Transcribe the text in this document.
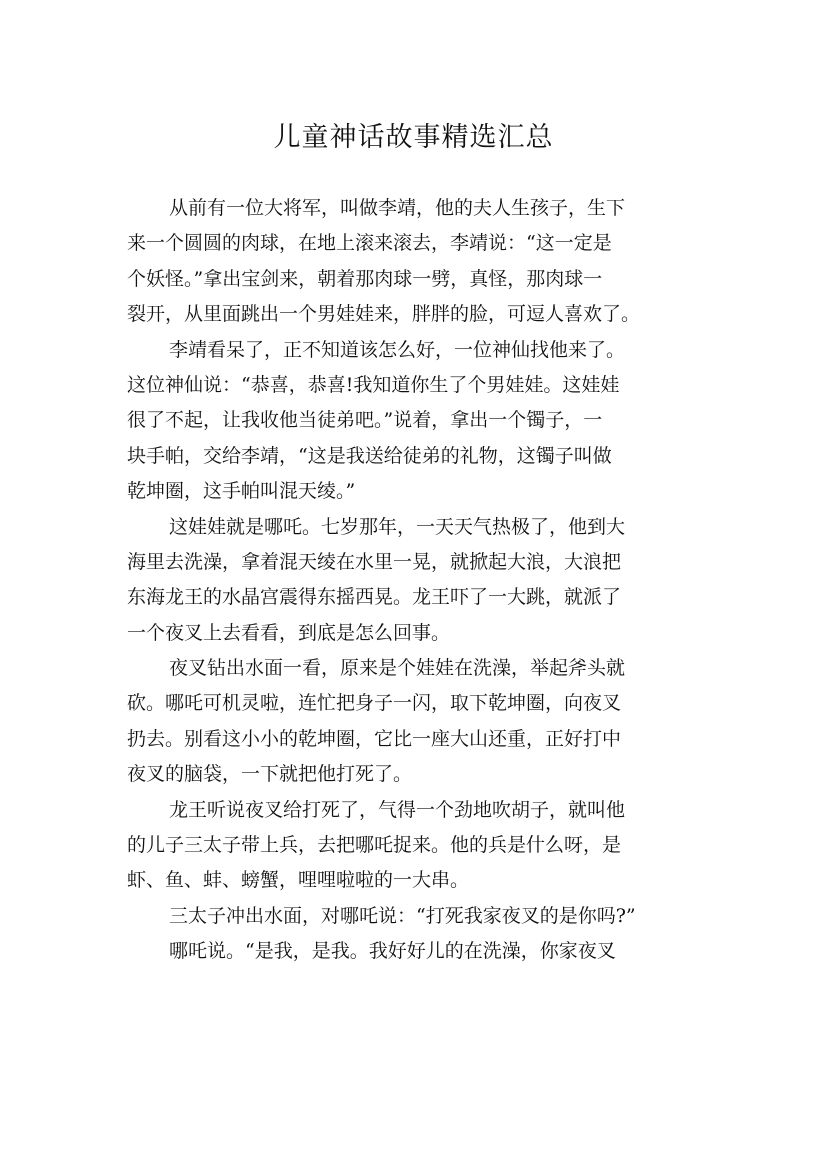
儿童神话故事精选汇总

从前有一位大将军，叫做李靖，他的夫人生孩子，生下
来一个圆圆的肉球，在地上滚来滚去，李靖说：“这一定是
个妖怪。”拿出宝剑来，朝着那肉球一劈，真怪，那肉球一
裂开，从里面跳出一个男娃娃来，胖胖的脸，可逗人喜欢了。

李靖看呆了，正不知道该怎么好，一位神仙找他来了。
这位神仙说：“恭喜，恭喜!我知道你生了个男娃娃。这娃娃
很了不起，让我收他当徒弟吧。”说着，拿出一个镯子，一
块手帕，交给李靖，“这是我送给徒弟的礼物，这镯子叫做
乾坤圈，这手帕叫混天绫。”

这娃娃就是哪吒。七岁那年，一天天气热极了，他到大
海里去洗澡，拿着混天绫在水里一晃，就掀起大浪，大浪把
东海龙王的水晶宫震得东摇西晃。龙王吓了一大跳，就派了
一个夜叉上去看看，到底是怎么回事。

夜叉钻出水面一看，原来是个娃娃在洗澡，举起斧头就
砍。哪吒可机灵啦，连忙把身子一闪，取下乾坤圈，向夜叉
扔去。别看这小小的乾坤圈，它比一座大山还重，正好打中
夜叉的脑袋，一下就把他打死了。

龙王听说夜叉给打死了，气得一个劲地吹胡子，就叫他
的儿子三太子带上兵，去把哪吒捉来。他的兵是什么呀，是
虾、鱼、蚌、螃蟹，哩哩啦啦的一大串。

三太子冲出水面，对哪吒说：“打死我家夜叉的是你吗?”

哪吒说。“是我，是我。我好好儿的在洗澡，你家夜叉
